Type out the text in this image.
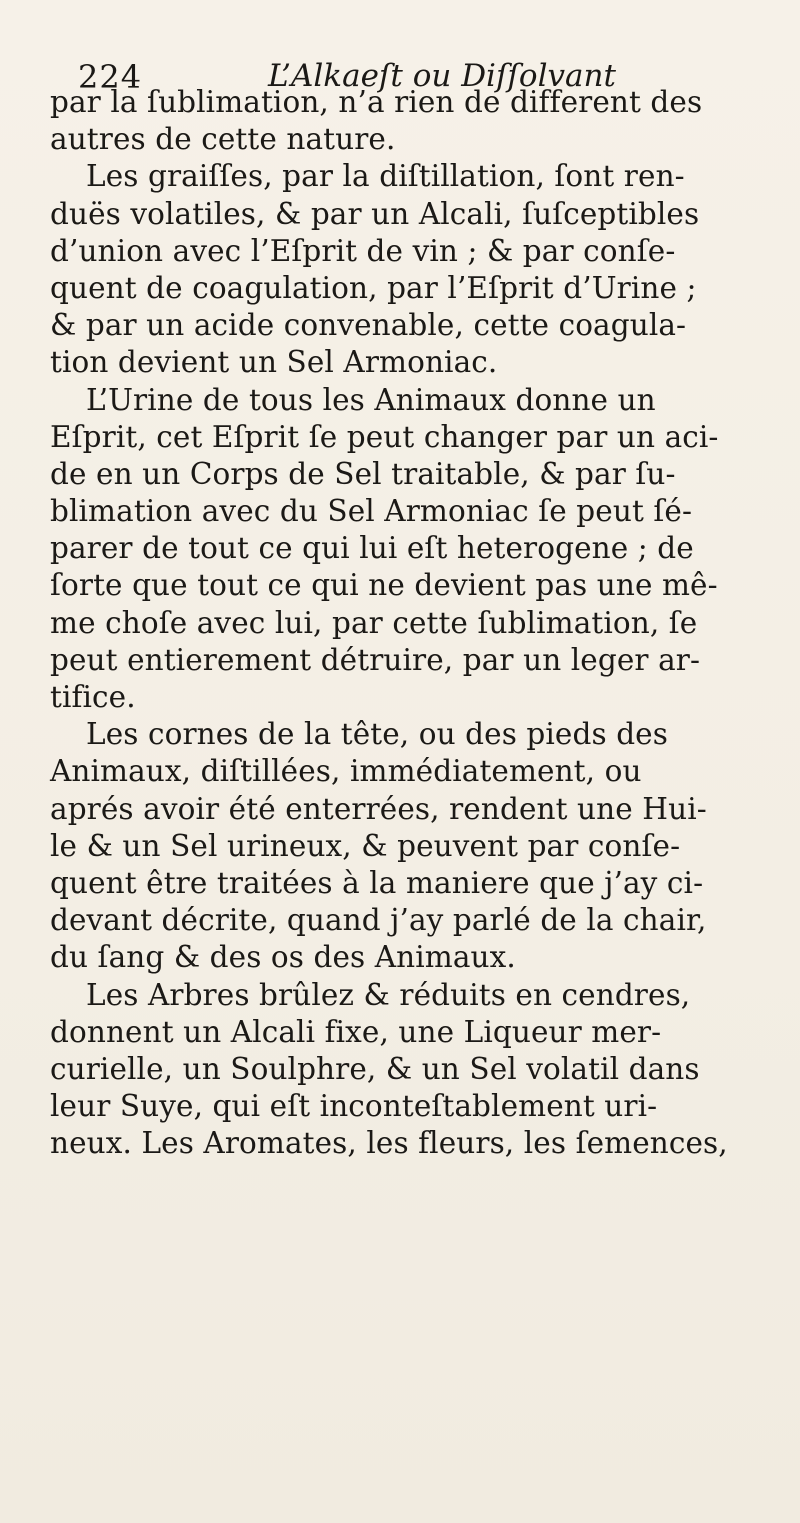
224	L’Alkaeſt ou Diſſolvant
par la ſublimation, n’a rien de different des
autres de cette nature.
Les graiſſes, par la diſtillation, ſont ren-
duës volatiles, & par un Alcali, ſuſceptibles
d’union avec l’Eſprit de vin ; & par conſe-
quent de coagulation, par l’Eſprit d’Urine ;
& par un acide convenable, cette coagula-
tion devient un Sel Armoniac.
L’Urine de tous les Animaux donne un
Eſprit, cet Eſprit ſe peut changer par un aci-
de en un Corps de Sel traitable, & par ſu-
blimation avec du Sel Armoniac ſe peut ſé-
parer de tout ce qui lui eſt heterogene ; de
ſorte que tout ce qui ne devient pas une mê-
me choſe avec lui, par cette ſublimation, ſe
peut entierement détruire, par un leger ar-
tifice.
Les cornes de la tête, ou des pieds des
Animaux, diſtillées, immédiatement, ou
aprés avoir été enterrées, rendent une Hui-
le & un Sel urineux, & peuvent par conſe-
quent être traitées à la maniere que j’ay ci-
devant décrite, quand j’ay parlé de la chair,
du ſang & des os des Animaux.
Les Arbres brûlez & réduits en cendres,
donnent un Alcali fixe, une Liqueur mer-
curielle, un Soulphre, & un Sel volatil dans
leur Suye, qui eſt inconteſtablement uri-
neux. Les Aromates, les fleurs, les ſemences,
